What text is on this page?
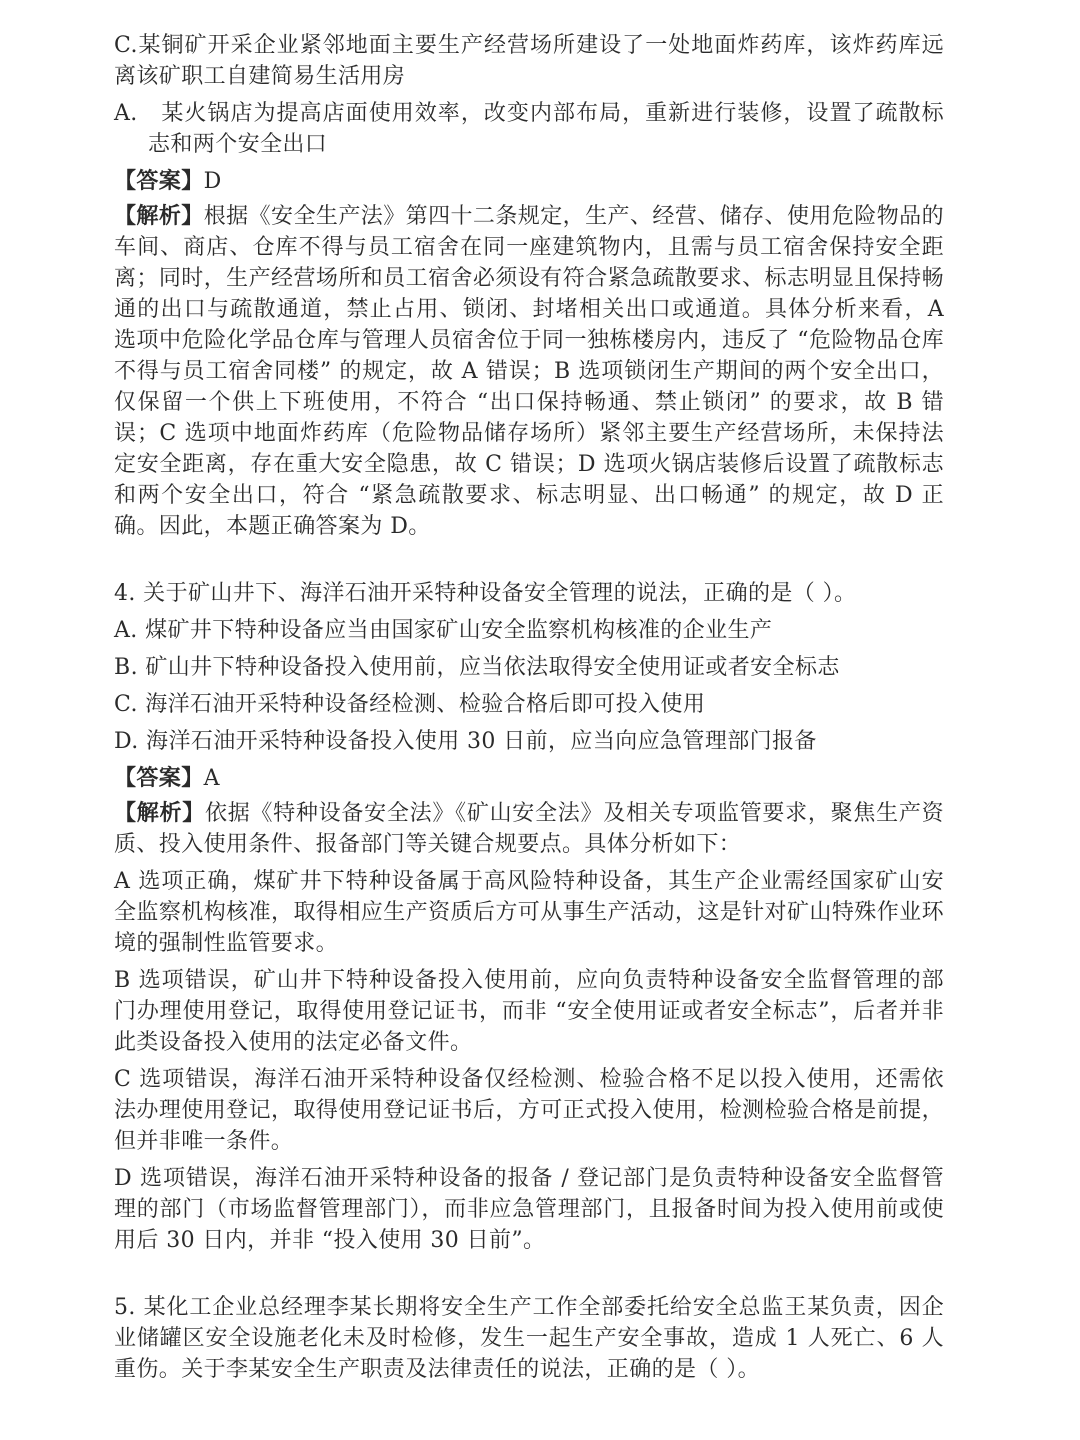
C.某铜矿开采企业紧邻地面主要生产经营场所建设了一处地面炸药库，该炸药库远离该矿职工自建简易生活用房

A.　某火锅店为提高店面使用效率，改变内部布局，重新进行装修，设置了疏散标志和两个安全出口

【答案】D

【解析】根据《安全生产法》第四十二条规定，生产、经营、储存、使用危险物品的车间、商店、仓库不得与员工宿舍在同一座建筑物内，且需与员工宿舍保持安全距离；同时，生产经营场所和员工宿舍必须设有符合紧急疏散要求、标志明显且保持畅通的出口与疏散通道，禁止占用、锁闭、封堵相关出口或通道。具体分析来看，A 选项中危险化学品仓库与管理人员宿舍位于同一独栋楼房内，违反了 “危险物品仓库不得与员工宿舍同楼” 的规定，故 A 错误；B 选项锁闭生产期间的两个安全出口，仅保留一个供上下班使用，不符合 “出口保持畅通、禁止锁闭” 的要求，故 B 错误；C 选项中地面炸药库（危险物品储存场所）紧邻主要生产经营场所，未保持法定安全距离，存在重大安全隐患，故 C 错误；D 选项火锅店装修后设置了疏散标志和两个安全出口，符合 “紧急疏散要求、标志明显、出口畅通” 的规定，故 D 正确。因此，本题正确答案为 D。

4. 关于矿山井下、海洋石油开采特种设备安全管理的说法，正确的是（ ）。

A. 煤矿井下特种设备应当由国家矿山安全监察机构核准的企业生产

B. 矿山井下特种设备投入使用前，应当依法取得安全使用证或者安全标志

C. 海洋石油开采特种设备经检测、检验合格后即可投入使用

D. 海洋石油开采特种设备投入使用 30 日前，应当向应急管理部门报备

【答案】A

【解析】依据《特种设备安全法》《矿山安全法》及相关专项监管要求，聚焦生产资质、投入使用条件、报备部门等关键合规要点。具体分析如下：

A 选项正确，煤矿井下特种设备属于高风险特种设备，其生产企业需经国家矿山安全监察机构核准，取得相应生产资质后方可从事生产活动，这是针对矿山特殊作业环境的强制性监管要求。

B 选项错误，矿山井下特种设备投入使用前，应向负责特种设备安全监督管理的部门办理使用登记，取得使用登记证书，而非 “安全使用证或者安全标志”，后者并非此类设备投入使用的法定必备文件。

C 选项错误，海洋石油开采特种设备仅经检测、检验合格不足以投入使用，还需依法办理使用登记，取得使用登记证书后，方可正式投入使用，检测检验合格是前提，但并非唯一条件。

D 选项错误，海洋石油开采特种设备的报备 / 登记部门是负责特种设备安全监督管理的部门（市场监督管理部门），而非应急管理部门，且报备时间为投入使用前或使用后 30 日内，并非 “投入使用 30 日前”。

5. 某化工企业总经理李某长期将安全生产工作全部委托给安全总监王某负责，因企业储罐区安全设施老化未及时检修，发生一起生产安全事故，造成 1 人死亡、6 人重伤。关于李某安全生产职责及法律责任的说法，正确的是（ ）。
